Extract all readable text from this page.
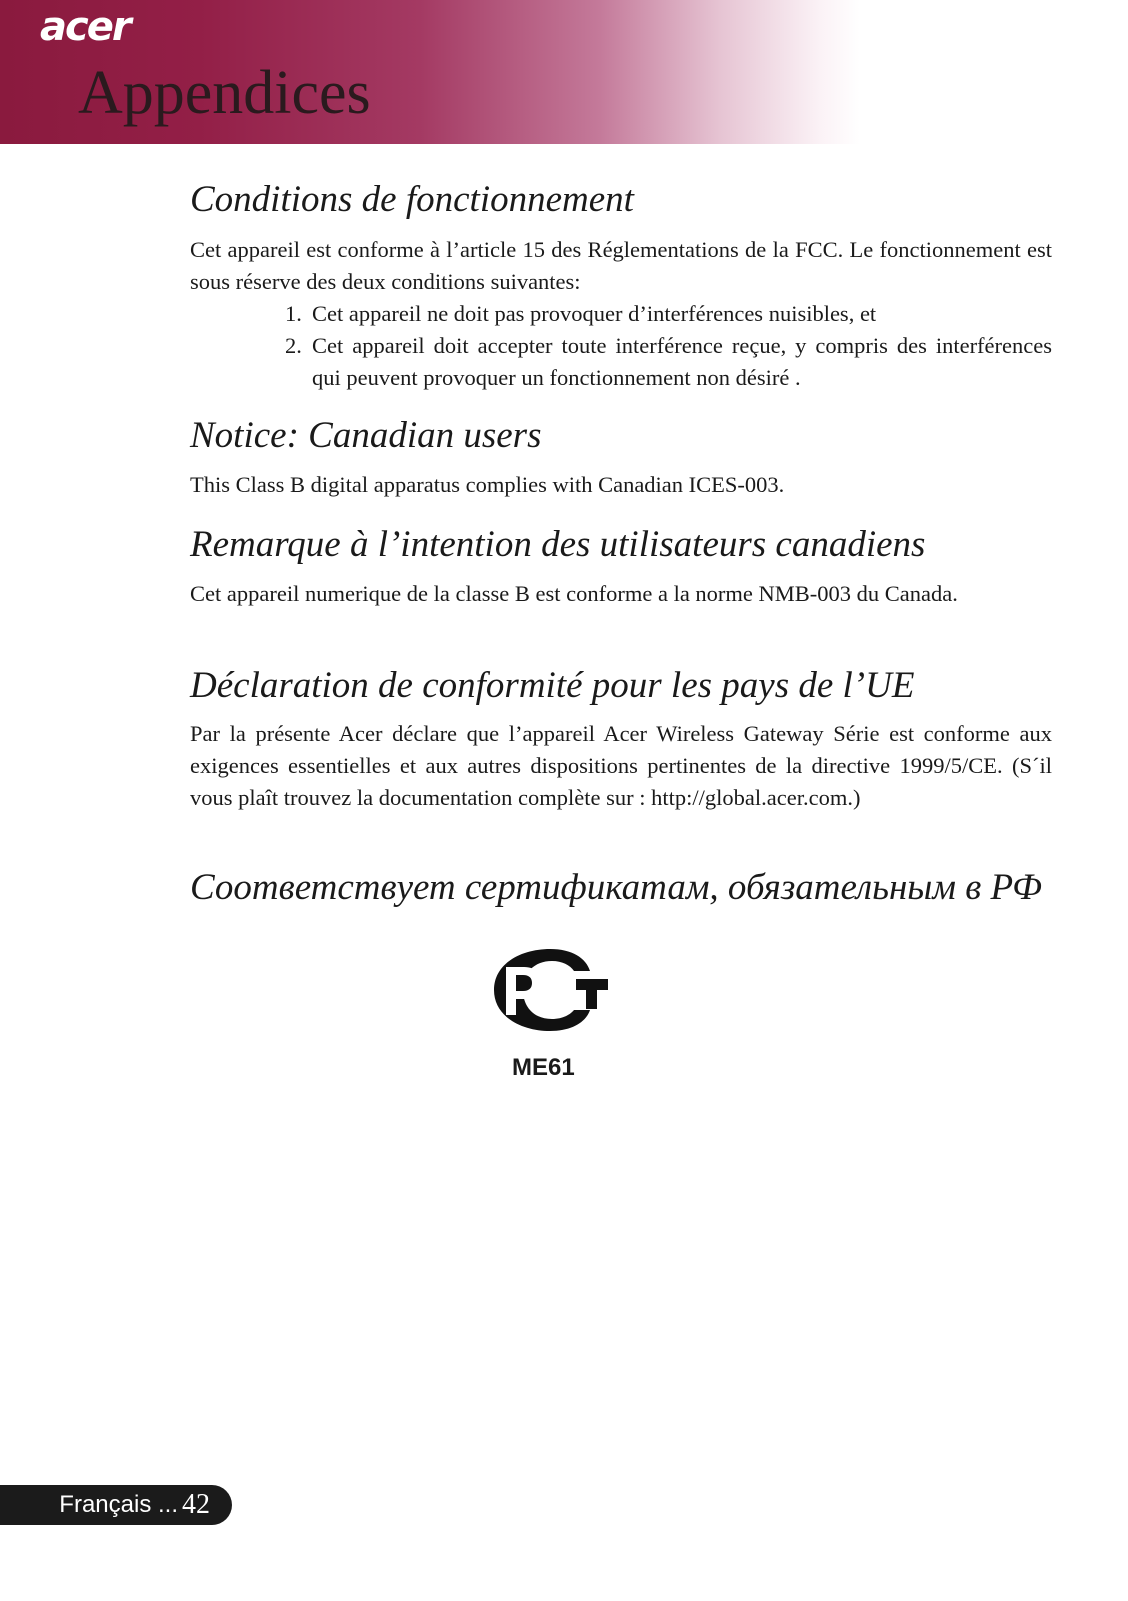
acer
Appendices
Conditions de fonctionnement

Cet appareil est conforme à l’article 15 des Réglementations de la FCC. Le fonctionnement est sous réserve des deux conditions suivantes:

1. Cet appareil ne doit pas provoquer d’interférences nuisibles, et
2. Cet appareil doit accepter toute interférence reçue, y compris des interférences qui peuvent provoquer un fonctionnement non désiré .
Notice: Canadian users

This Class B digital apparatus complies with Canadian ICES-003.

Remarque à l’intention des utilisateurs canadiens

Cet appareil numerique de la classe B est conforme a la norme NMB-003 du Canada.

Déclaration de conformité pour les pays de l’UE

Par la présente Acer déclare que l’appareil Acer Wireless Gateway Série est conforme aux exigences essentielles et aux autres dispositions pertinentes de la directive 1999/5/CE. (S´il vous plaît trouvez la documentation complète sur : http://global.acer.com.)

Соответствует сертификатам, обязательным в РФ
ME61
Français ... 42
